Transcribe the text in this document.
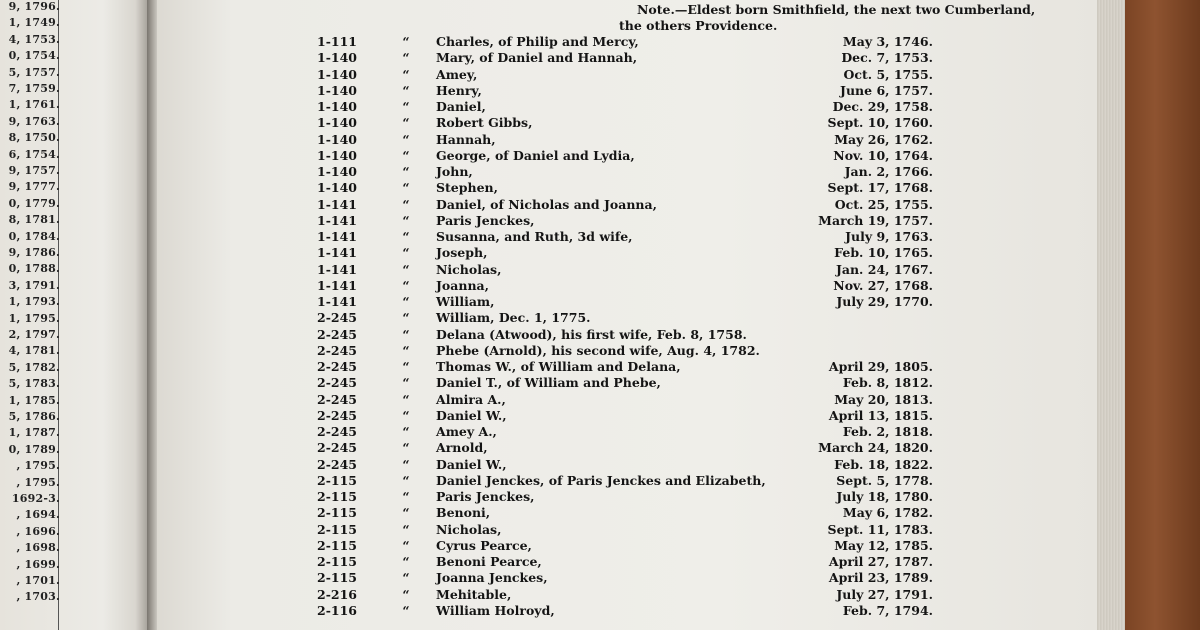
9, 1796.
1, 1749.
4, 1753.
0, 1754.
5, 1757.
7, 1759.
1, 1761.
9, 1763.
8, 1750.
6, 1754.
9, 1757.
9, 1777.
0, 1779.
8, 1781.
0, 1784.
9, 1786.
0, 1788.
3, 1791.
1, 1793.
1, 1795.
2, 1797.
4, 1781.
5, 1782.
5, 1783.
1, 1785.
5, 1786.
1, 1787.
0, 1789.
, 1795.
, 1795.
1692-3.
, 1694.
, 1696.
, 1698.
, 1699.
, 1701.
, 1703.
Note.—Eldest born Smithfield, the next two Cumberland,
the others Providence.
1-111	“ Charles, of Philip and Mercy,	May 3, 1746.
1-140	“ Mary, of Daniel and Hannah,	Dec. 7, 1753.
1-140	“ Amey,	Oct. 5, 1755.
1-140	“ Henry,	June 6, 1757.
1-140	“ Daniel,	Dec. 29, 1758.
1-140	“ Robert Gibbs,	Sept. 10, 1760.
1-140	“ Hannah,	May 26, 1762.
1-140	“ George, of Daniel and Lydia,	Nov. 10, 1764.
1-140	“ John,	Jan. 2, 1766.
1-140	“ Stephen,	Sept. 17, 1768.
1-141	“ Daniel, of Nicholas and Joanna,	Oct. 25, 1755.
1-141	“ Paris Jenckes,	March 19, 1757.
1-141	“ Susanna, and Ruth, 3d wife,	July 9, 1763.
1-141	“ Joseph,	Feb. 10, 1765.
1-141	“ Nicholas,	Jan. 24, 1767.
1-141	“ Joanna,	Nov. 27, 1768.
1-141	“ William,	July 29, 1770.
2-245	“ William, Dec. 1, 1775.
2-245	“ Delana (Atwood), his first wife, Feb. 8, 1758.
2-245	“ Phebe (Arnold), his second wife, Aug. 4, 1782.
2-245	“ Thomas W., of William and Delana,	April 29, 1805.
2-245	“ Daniel T., of William and Phebe,	Feb. 8, 1812.
2-245	“ Almira A.,	May 20, 1813.
2-245	“ Daniel W.,	April 13, 1815.
2-245	“ Amey A.,	Feb. 2, 1818.
2-245	“ Arnold,	March 24, 1820.
2-245	“ Daniel W.,	Feb. 18, 1822.
2-115	“ Daniel Jenckes, of Paris Jenckes and Elizabeth,	Sept. 5, 1778.
2-115	“ Paris Jenckes,	July 18, 1780.
2-115	“ Benoni,	May 6, 1782.
2-115	“ Nicholas,	Sept. 11, 1783.
2-115	“ Cyrus Pearce,	May 12, 1785.
2-115	“ Benoni Pearce,	April 27, 1787.
2-115	“ Joanna Jenckes,	April 23, 1789.
2-216	“ Mehitable,	July 27, 1791.
2-116	“ William Holroyd,	Feb. 7, 1794.
